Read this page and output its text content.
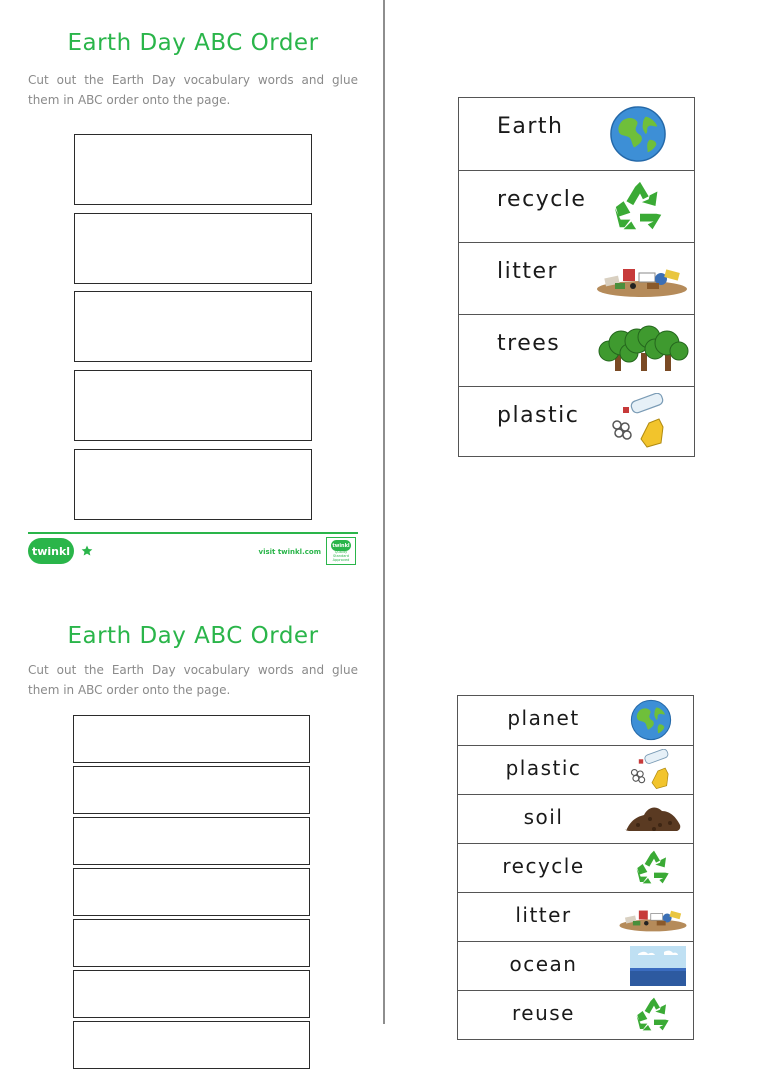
Earth Day ABC Order

Cut out the Earth Day vocabulary words and glue them in ABC order onto the page.

twinkl	visit twinkl.com
twinkl
Quality Standard
Approved
Earth
recycle
litter
trees
plastic
Earth Day ABC Order

Cut out the Earth Day vocabulary words and glue them in ABC order onto the page.

planet
plastic
soil
recycle
litter
ocean
reuse
